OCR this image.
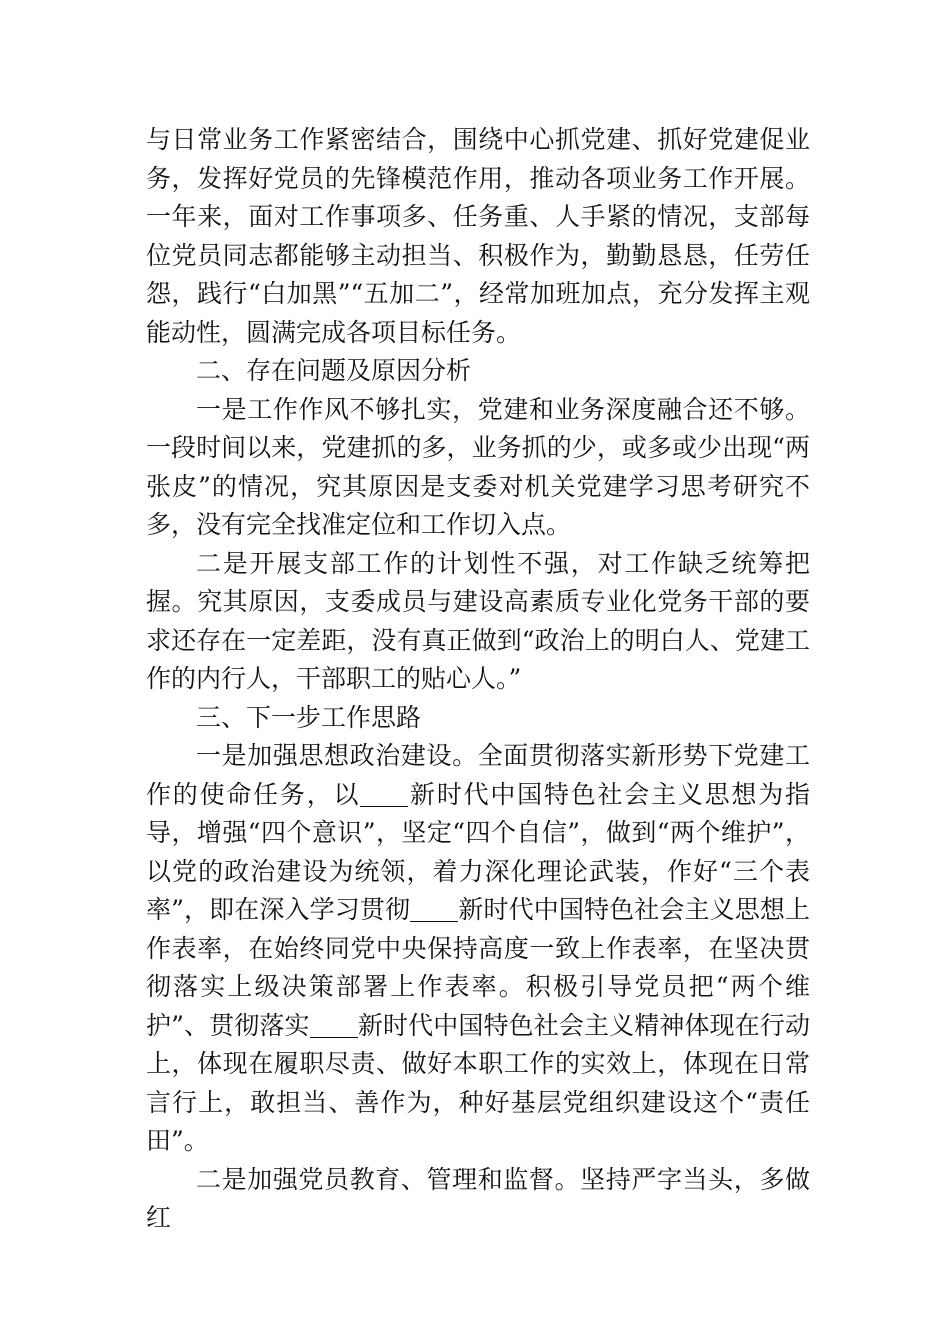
与日常业务工作紧密结合，围绕中心抓党建、抓好党建促业务，发挥好党员的先锋模范作用，推动各项业务工作开展。一年来，面对工作事项多、任务重、人手紧的情况，支部每位党员同志都能够主动担当、积极作为，勤勤恳恳，任劳任怨，践行“白加黑”“五加二”，经常加班加点，充分发挥主观能动性，圆满完成各项目标任务。

二、存在问题及原因分析

一是工作作风不够扎实，党建和业务深度融合还不够。一段时间以来，党建抓的多，业务抓的少，或多或少出现“两张皮”的情况，究其原因是支委对机关党建学习思考研究不多，没有完全找准定位和工作切入点。

二是开展支部工作的计划性不强，对工作缺乏统筹把握。究其原因，支委成员与建设高素质专业化党务干部的要求还存在一定差距，没有真正做到“政治上的明白人、党建工作的内行人，干部职工的贴心人。”

三、下一步工作思路

一是加强思想政治建设。全面贯彻落实新形势下党建工作的使命任务，以 新时代中国特色社会主义思想为指导，增强“四个意识”，坚定“四个自信”，做到“两个维护”，以党的政治建设为统领，着力深化理论武装，作好“三个表率”，即在深入学习贯彻 新时代中国特色社会主义思想上作表率，在始终同党中央保持高度一致上作表率，在坚决贯彻落实上级决策部署上作表率。积极引导党员把“两个维护”、贯彻落实 新时代中国特色社会主义精神体现在行动上，体现在履职尽责、做好本职工作的实效上，体现在日常言行上，敢担当、善作为，种好基层党组织建设这个“责任田”。

二是加强党员教育、管理和监督。坚持严字当头，多做红
